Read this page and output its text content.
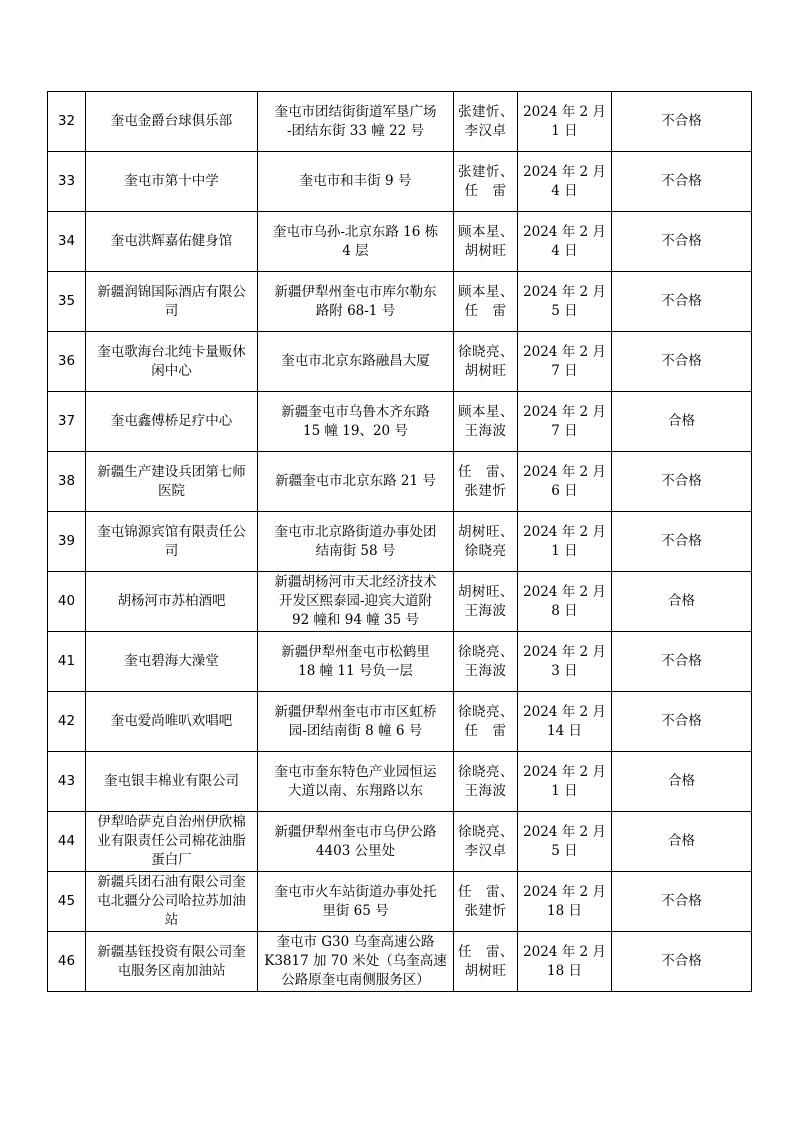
32	奎屯金爵台球俱乐部	奎屯市团结街街道军垦广场
-团结东街 33 幢 22 号	张建忻、
李汉卓	2024 年 2 月
1 日	不合格
33	奎屯市第十中学	奎屯市和丰街 9 号	张建忻、
任　雷	2024 年 2 月
4 日	不合格
34	奎屯洪辉嘉佑健身馆	奎屯市乌孙-北京东路 16 栋
4 层	顾本星、
胡树旺	2024 年 2 月
4 日	不合格
35	新疆润锦国际酒店有限公
司	新疆伊犁州奎屯市库尔勒东
路附 68-1 号	顾本星、
任　雷	2024 年 2 月
5 日	不合格
36	奎屯歌海台北纯卡量贩休
闲中心	奎屯市北京东路融昌大厦	徐晓亮、
胡树旺	2024 年 2 月
7 日	不合格
37	奎屯鑫傅桥足疗中心	新疆奎屯市乌鲁木齐东路
15 幢 19、20 号	顾本星、
王海波	2024 年 2 月
7 日	合格
38	新疆生产建设兵团第七师
医院	新疆奎屯市北京东路 21 号	任　雷、
张建忻	2024 年 2 月
6 日	不合格
39	奎屯锦源宾馆有限责任公
司	奎屯市北京路街道办事处团
结南街 58 号	胡树旺、
徐晓亮	2024 年 2 月
1 日	不合格
40	胡杨河市苏柏酒吧	新疆胡杨河市天北经济技术
开发区熙泰园-迎宾大道附
92 幢和 94 幢 35 号	胡树旺、
王海波	2024 年 2 月
8 日	合格
41	奎屯碧海大澡堂	新疆伊犁州奎屯市松鹤里
18 幢 11 号负一层	徐晓亮、
王海波	2024 年 2 月
3 日	不合格
42	奎屯爱尚唯叭欢唱吧	新疆伊犁州奎屯市市区虹桥
园-团结南街 8 幢 6 号	徐晓亮、
任　雷	2024 年 2 月
14 日	不合格
43	奎屯银丰棉业有限公司	奎屯市奎东特色产业园恒运
大道以南、东翔路以东	徐晓亮、
王海波	2024 年 2 月
1 日	合格
44	伊犁哈萨克自治州伊欣棉
业有限责任公司棉花油脂
蛋白厂	新疆伊犁州奎屯市乌伊公路
4403 公里处	徐晓亮、
李汉卓	2024 年 2 月
5 日	合格
45	新疆兵团石油有限公司奎
屯北疆分公司哈拉苏加油
站	奎屯市火车站街道办事处托
里街 65 号	任　雷、
张建忻	2024 年 2 月
18 日	不合格
46	新疆基钰投资有限公司奎
屯服务区南加油站	奎屯市 G30 乌奎高速公路
K3817 加 70 米处（乌奎高速
公路原奎屯南侧服务区）	任　雷、
胡树旺	2024 年 2 月
18 日	不合格
